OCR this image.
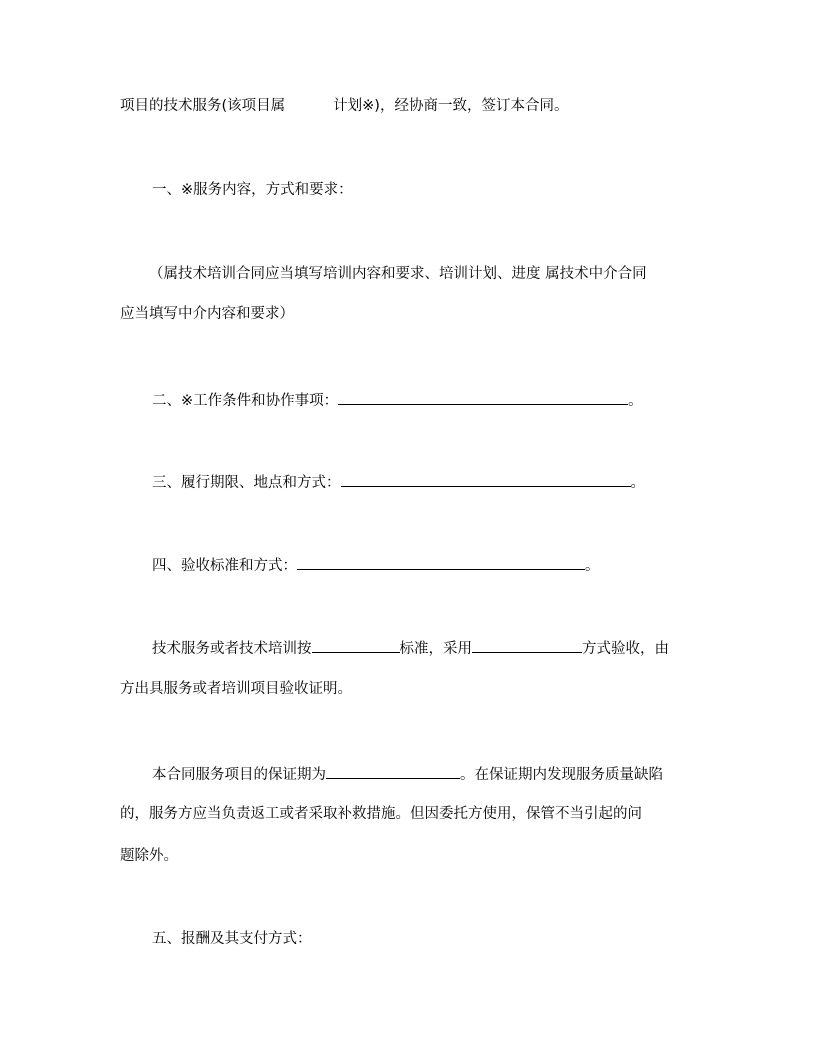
项目的技术服务(该项目属	计划※)，经协商一致，签订本合同。
一、※服务内容，方式和要求：
（属技术培训合同应当填写培训内容和要求、培训计划、进度 属技术中介合同
应当填写中介内容和要求）
二、※工作条件和协作事项：	。
三、履行期限、地点和方式：	。
四、验收标准和方式：	。
技术服务或者技术培训按	标准，采用	方式验收，由
方出具服务或者培训项目验收证明。
本合同服务项目的保证期为	。在保证期内发现服务质量缺陷
的，服务方应当负责返工或者采取补救措施。但因委托方使用，保管不当引起的问
题除外。
五、报酬及其支付方式：
